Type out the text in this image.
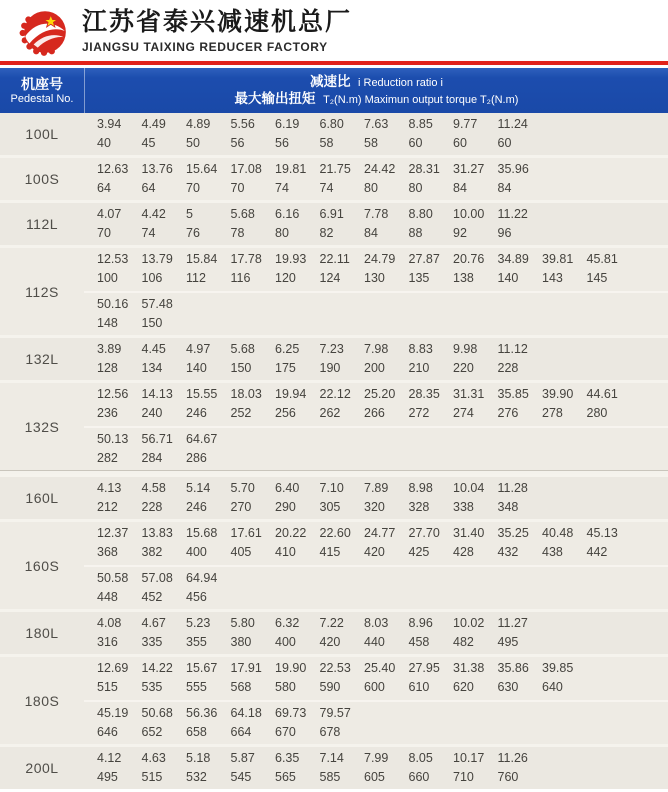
江苏省泰兴减速机总厂
JIANGSU TAIXING REDUCER FACTORY
机座号
Pedestal No.
减速比 i Reduction ratio i
最大输出扭矩 T₂(N.m) Maximun output torque T₂(N.m)
100L
3.94	4.49	4.89	5.56	6.19	6.80	7.63	8.85	9.77	11.24
40	45	50	56	56	58	58	60	60	60
100S
12.63	13.76	15.64	17.08	19.81	21.75	24.42	28.31	31.27	35.96
64	64	70	70	74	74	80	80	84	84
112L
4.07	4.42	5	5.68	6.16	6.91	7.78	8.80	10.00	11.22
70	74	76	78	80	82	84	88	92	96
112S
12.53	13.79	15.84	17.78	19.93	22.11	24.79	27.87	20.76	34.89	39.81	45.81
100	106	112	116	120	124	130	135	138	140	143	145
50.16	57.48
148	150
132L
3.89	4.45	4.97	5.68	6.25	7.23	7.98	8.83	9.98	11.12
128	134	140	150	175	190	200	210	220	228
132S
12.56	14.13	15.55	18.03	19.94	22.12	25.20	28.35	31.31	35.85	39.90	44.61
236	240	246	252	256	262	266	272	274	276	278	280
50.13	56.71	64.67
282	284	286
160L
4.13	4.58	5.14	5.70	6.40	7.10	7.89	8.98	10.04	11.28
212	228	246	270	290	305	320	328	338	348
160S
12.37	13.83	15.68	17.61	20.22	22.60	24.77	27.70	31.40	35.25	40.48	45.13
368	382	400	405	410	415	420	425	428	432	438	442
50.58	57.08	64.94
448	452	456
180L
4.08	4.67	5.23	5.80	6.32	7.22	8.03	8.96	10.02	11.27
316	335	355	380	400	420	440	458	482	495
180S
12.69	14.22	15.67	17.91	19.90	22.53	25.40	27.95	31.38	35.86	39.85
515	535	555	568	580	590	600	610	620	630	640
45.19	50.68	56.36	64.18	69.73	79.57
646	652	658	664	670	678
200L
4.12	4.63	5.18	5.87	6.35	7.14	7.99	8.05	10.17	11.26
495	515	532	545	565	585	605	660	710	760
